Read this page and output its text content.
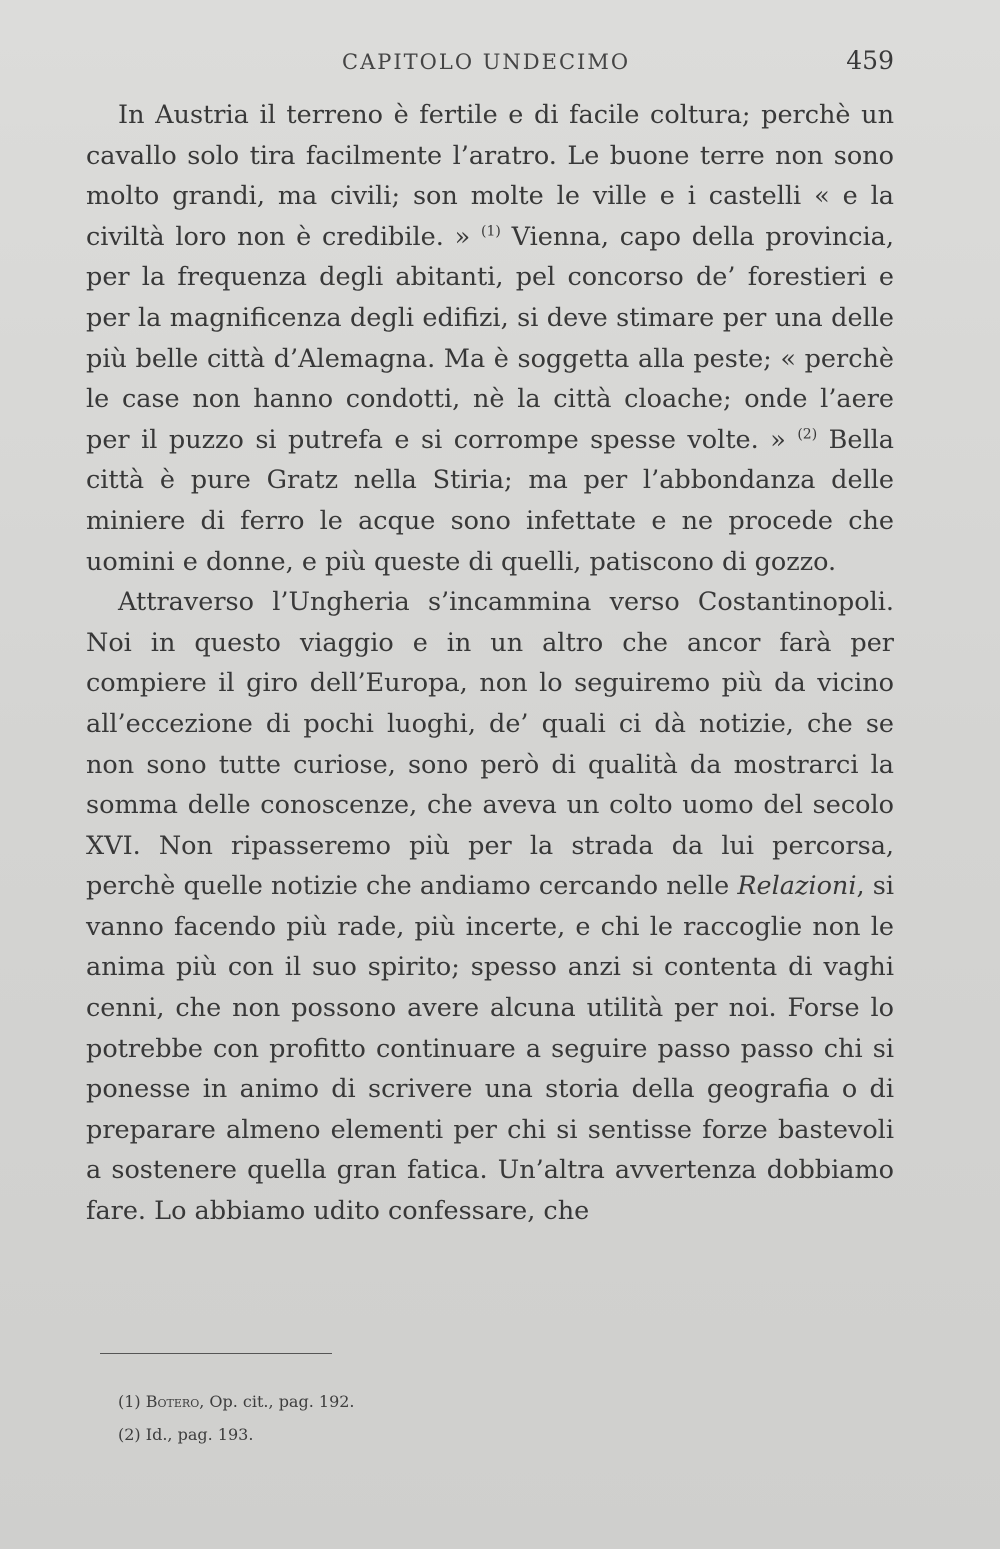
CAPITOLO UNDECIMO	459

In Austria il terreno è fertile e di facile coltura; perchè un cavallo solo tira facilmente l’aratro. Le buone terre non sono molto grandi, ma civili; son molte le ville e i castelli « e la civiltà loro non è credibile. » $^{(1)}$ Vienna, capo della provincia, per la frequenza degli abitanti, pel concorso de’ forestieri e per la magnificenza degli edifizi, si deve stimare per una delle più belle città d’Alemagna. Ma è soggetta alla peste; « perchè le case non hanno condotti, nè la città cloache; onde l’aere per il puzzo si putrefa e si corrompe spesse volte. » $^{(2)}$ Bella città è pure Gratz nella Stiria; ma per l’abbondanza delle miniere di ferro le acque sono infettate e ne procede che uomini e donne, e più queste di quelli, patiscono di gozzo.

Attraverso l’Ungheria s’incammina verso Costantinopoli. Noi in questo viaggio e in un altro che ancor farà per compiere il giro dell’Europa, non lo seguiremo più da vicino all’eccezione di pochi luoghi, de’ quali ci dà notizie, che se non sono tutte curiose, sono però di qualità da mostrarci la somma delle conoscenze, che aveva un colto uomo del secolo XVI. Non ripasseremo più per la strada da lui percorsa, perchè quelle notizie che andiamo cercando nelle Relazioni, si vanno facendo più rade, più incerte, e chi le raccoglie non le anima più con il suo spirito; spesso anzi si contenta di vaghi cenni, che non possono avere alcuna utilità per noi. Forse lo potrebbe con profitto continuare a seguire passo passo chi si ponesse in animo di scrivere una storia della geografia o di preparare almeno elementi per chi si sentisse forze bastevoli a sostenere quella gran fatica. Un’altra avvertenza dobbiamo fare. Lo abbiamo udito confessare, che

(1) Botero, Op. cit., pag. 192.

(2) Id., pag. 193.
